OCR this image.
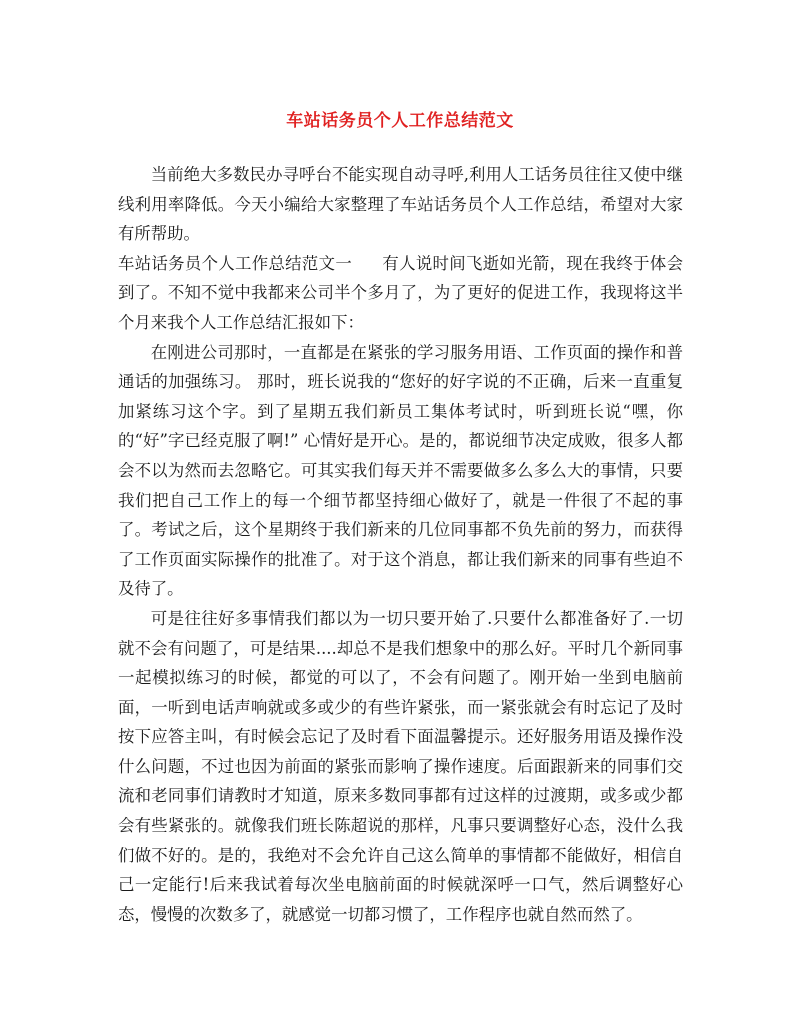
车站话务员个人工作总结范文

当前绝大多数民办寻呼台不能实现自动寻呼,利用人工话务员往往又使中继线利用率降低。今天小编给大家整理了车站话务员个人工作总结，希望对大家有所帮助。

车站话务员个人工作总结范文一 有人说时间飞逝如光箭，现在我终于体会到了。不知不觉中我都来公司半个多月了，为了更好的促进工作，我现将这半个月来我个人工作总结汇报如下：

在刚进公司那时，一直都是在紧张的学习服务用语、工作页面的操作和普通话的加强练习。 那时，班长说我的“您好的好字说的不正确，后来一直重复加紧练习这个字。到了星期五我们新员工集体考试时，听到班长说“嘿，你的“好”字已经克服了啊!” 心情好是开心。是的，都说细节决定成败，很多人都会不以为然而去忽略它。可其实我们每天并不需要做多么多么大的事情，只要我们把自己工作上的每一个细节都坚持细心做好了，就是一件很了不起的事了。考试之后，这个星期终于我们新来的几位同事都不负先前的努力，而获得了工作页面实际操作的批准了。对于这个消息，都让我们新来的同事有些迫不及待了。

可是往往好多事情我们都以为一切只要开始了.只要什么都准备好了.一切就不会有问题了，可是结果....却总不是我们想象中的那么好。平时几个新同事一起模拟练习的时候，都觉的可以了，不会有问题了。刚开始一坐到电脑前面，一听到电话声响就或多或少的有些许紧张，而一紧张就会有时忘记了及时按下应答主叫，有时候会忘记了及时看下面温馨提示。还好服务用语及操作没什么问题，不过也因为前面的紧张而影响了操作速度。后面跟新来的同事们交流和老同事们请教时才知道，原来多数同事都有过这样的过渡期，或多或少都会有些紧张的。就像我们班长陈超说的那样，凡事只要调整好心态，没什么我们做不好的。是的，我绝对不会允许自己这么简单的事情都不能做好，相信自己一定能行!后来我试着每次坐电脑前面的时候就深呼一口气，然后调整好心态，慢慢的次数多了，就感觉一切都习惯了，工作程序也就自然而然了。
